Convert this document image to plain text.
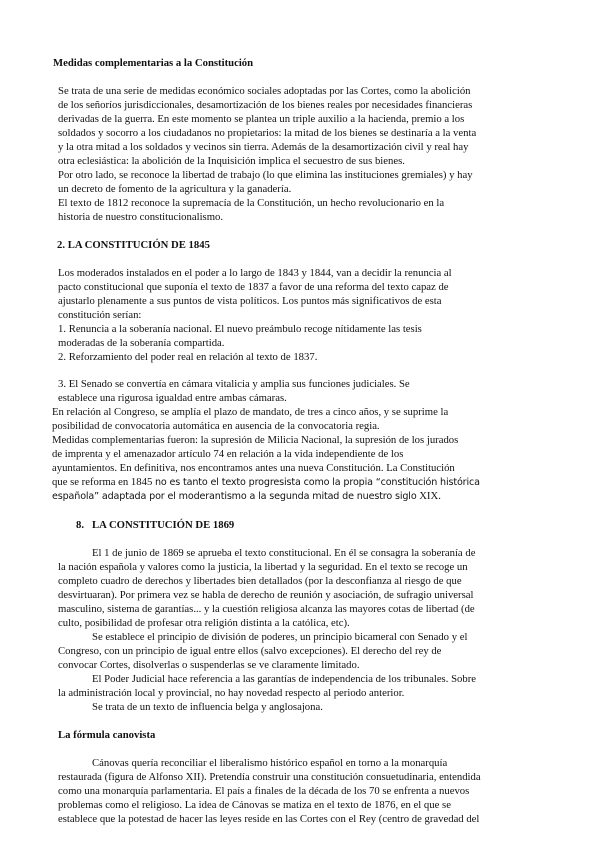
Medidas complementarias a la Constitución
Se trata de una serie de medidas económico sociales adoptadas por las Cortes, como la abolición
de los señoríos jurisdiccionales, desamortización de los bienes reales por necesidades financieras
derivadas de la guerra. En este momento se plantea un triple auxilio a la hacienda, premio a los
soldados y socorro a los ciudadanos no propietarios: la mitad de los bienes se destinaría a la venta
y la otra mitad a los soldados y vecinos sin tierra. Además de la desamortización civil y real hay
otra eclesiástica: la abolición de la Inquisición implica el secuestro de sus bienes.
Por otro lado, se reconoce la libertad de trabajo (lo que elimina las instituciones gremiales) y hay
un decreto de fomento de la agricultura y la ganadería.
El texto de 1812 reconoce la supremacía de la Constitución, un hecho revolucionario en la
historia de nuestro constitucionalismo.
2. LA CONSTITUCIÓN DE 1845
Los moderados instalados en el poder a lo largo de 1843 y 1844, van a decidir la renuncia al
pacto constitucional que suponía el texto de 1837 a favor de una reforma del texto capaz de
ajustarlo plenamente a sus puntos de vista políticos. Los puntos más significativos de esta
constitución serían:
1. Renuncia a la soberanía nacional. El nuevo preámbulo recoge nítidamente las tesis
moderadas de la soberanía compartida.
2. Reforzamiento del poder real en relación al texto de 1837.
3. El Senado se convertía en cámara vitalicia y amplia sus funciones judiciales. Se
establece una rigurosa igualdad entre ambas cámaras.
En relación al Congreso, se amplía el plazo de mandato, de tres a cinco años, y se suprime la
posibilidad de convocatoria automática en ausencia de la convocatoria regia.
Medidas complementarias fueron: la supresión de Milicia Nacional, la supresión de los jurados
de imprenta y el amenazador artículo 74 en relación a la vida independiente de los
ayuntamientos. En definitiva, nos encontramos antes una nueva Constitución. La Constitución
que se reforma en 1845 no es tanto el texto progresista como la propia “constitución histórica
española” adaptada por el moderantismo a la segunda mitad de nuestro siglo XIX.
8.   LA CONSTITUCIÓN DE 1869
El 1 de junio de 1869 se aprueba el texto constitucional. En él se consagra la soberanía de
la nación española y valores como la justicia, la libertad y la seguridad. En el texto se recoge un
completo cuadro de derechos y libertades bien detallados (por la desconfianza al riesgo de que
desvirtuaran). Por primera vez se habla de derecho de reunión y asociación, de sufragio universal
masculino, sistema de garantías... y la cuestión religiosa alcanza las mayores cotas de libertad (de
culto, posibilidad de profesar otra religión distinta a la católica, etc).
Se establece el principio de división de poderes, un principio bicameral con Senado y el
Congreso, con un principio de igual entre ellos (salvo excepciones). El derecho del rey de
convocar Cortes, disolverlas o suspenderlas se ve claramente limitado.
El Poder Judicial hace referencia a las garantías de independencia de los tribunales. Sobre
la administración local y provincial, no hay novedad respecto al periodo anterior.
Se trata de un texto de influencia belga y anglosajona.
La fórmula canovista
Cánovas quería reconciliar el liberalismo histórico español en torno a la monarquía
restaurada (figura de Alfonso XII). Pretendía construir una constitución consuetudinaria, entendida
como una monarquía parlamentaria. El país a finales de la década de los 70 se enfrenta a nuevos
problemas como el religioso. La idea de Cánovas se matiza en el texto de 1876, en el que se
establece que la potestad de hacer las leyes reside en las Cortes con el Rey (centro de gravedad del
